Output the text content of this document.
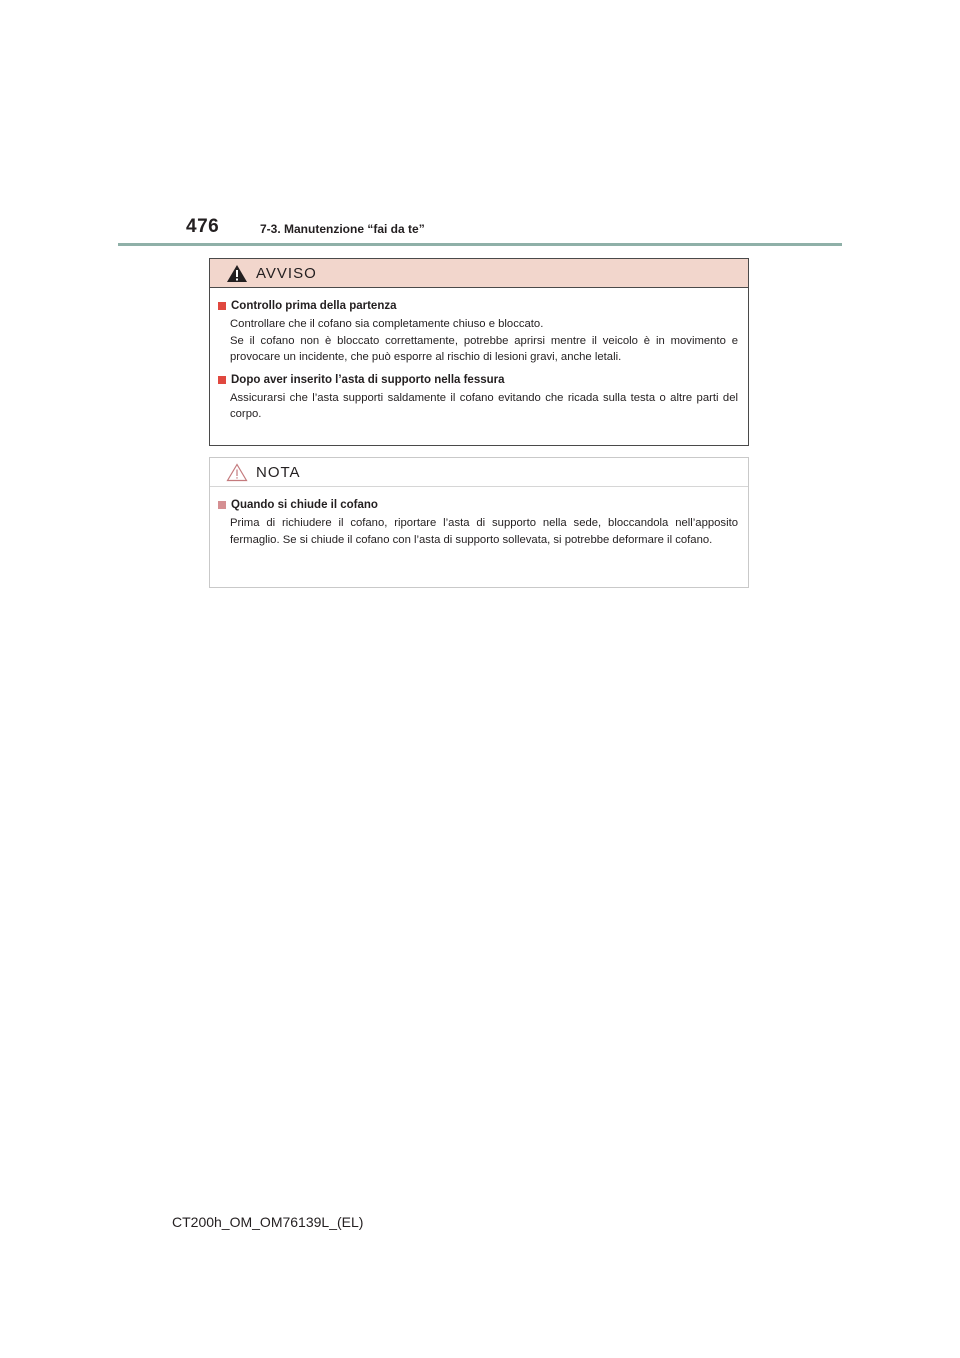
476	7-3. Manutenzione “fai da te”
AVVISO
Controllo prima della partenza

Controllare che il cofano sia completamente chiuso e bloccato.

Se il cofano non è bloccato correttamente, potrebbe aprirsi mentre il veicolo è in movimento e provocare un incidente, che può esporre al rischio di lesioni gravi, anche letali.

Dopo aver inserito l’asta di supporto nella fessura

Assicurarsi che l’asta supporti saldamente il cofano evitando che ricada sulla testa o altre parti del corpo.

NOTA
Quando si chiude il cofano

Prima di richiudere il cofano, riportare l’asta di supporto nella sede, bloccandola nell’apposito fermaglio. Se si chiude il cofano con l’asta di supporto sollevata, si potrebbe deformare il cofano.

CT200h_OM_OM76139L_(EL)
